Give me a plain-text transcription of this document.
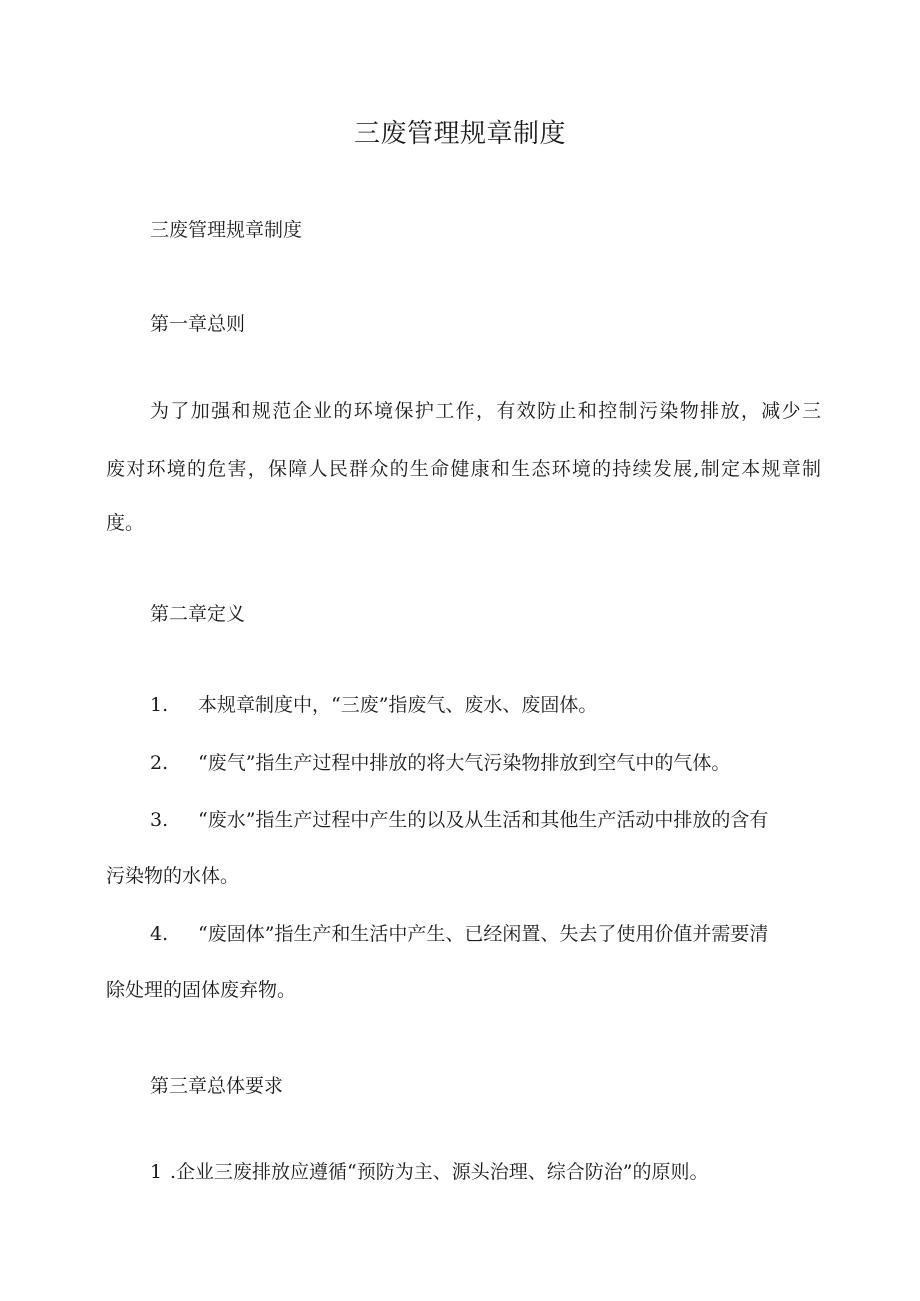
三废管理规章制度
三废管理规章制度
第一章总则
为了加强和规范企业的环境保护工作，有效防止和控制污染物排放，减少三
废对环境的危害，保障人民群众的生命健康和生态环境的持续发展,制定本规章制
度。
第二章定义
1. 本规章制度中，“三废”指废气、废水、废固体。
2. “废气”指生产过程中排放的将大气污染物排放到空气中的气体。
3. “废水”指生产过程中产生的以及从生活和其他生产活动中排放的含有
污染物的水体。
4. “废固体”指生产和生活中产生、已经闲置、失去了使用价值并需要清
除处理的固体废弃物。
第三章总体要求
1 .企业三废排放应遵循“预防为主、源头治理、综合防治”的原则。
